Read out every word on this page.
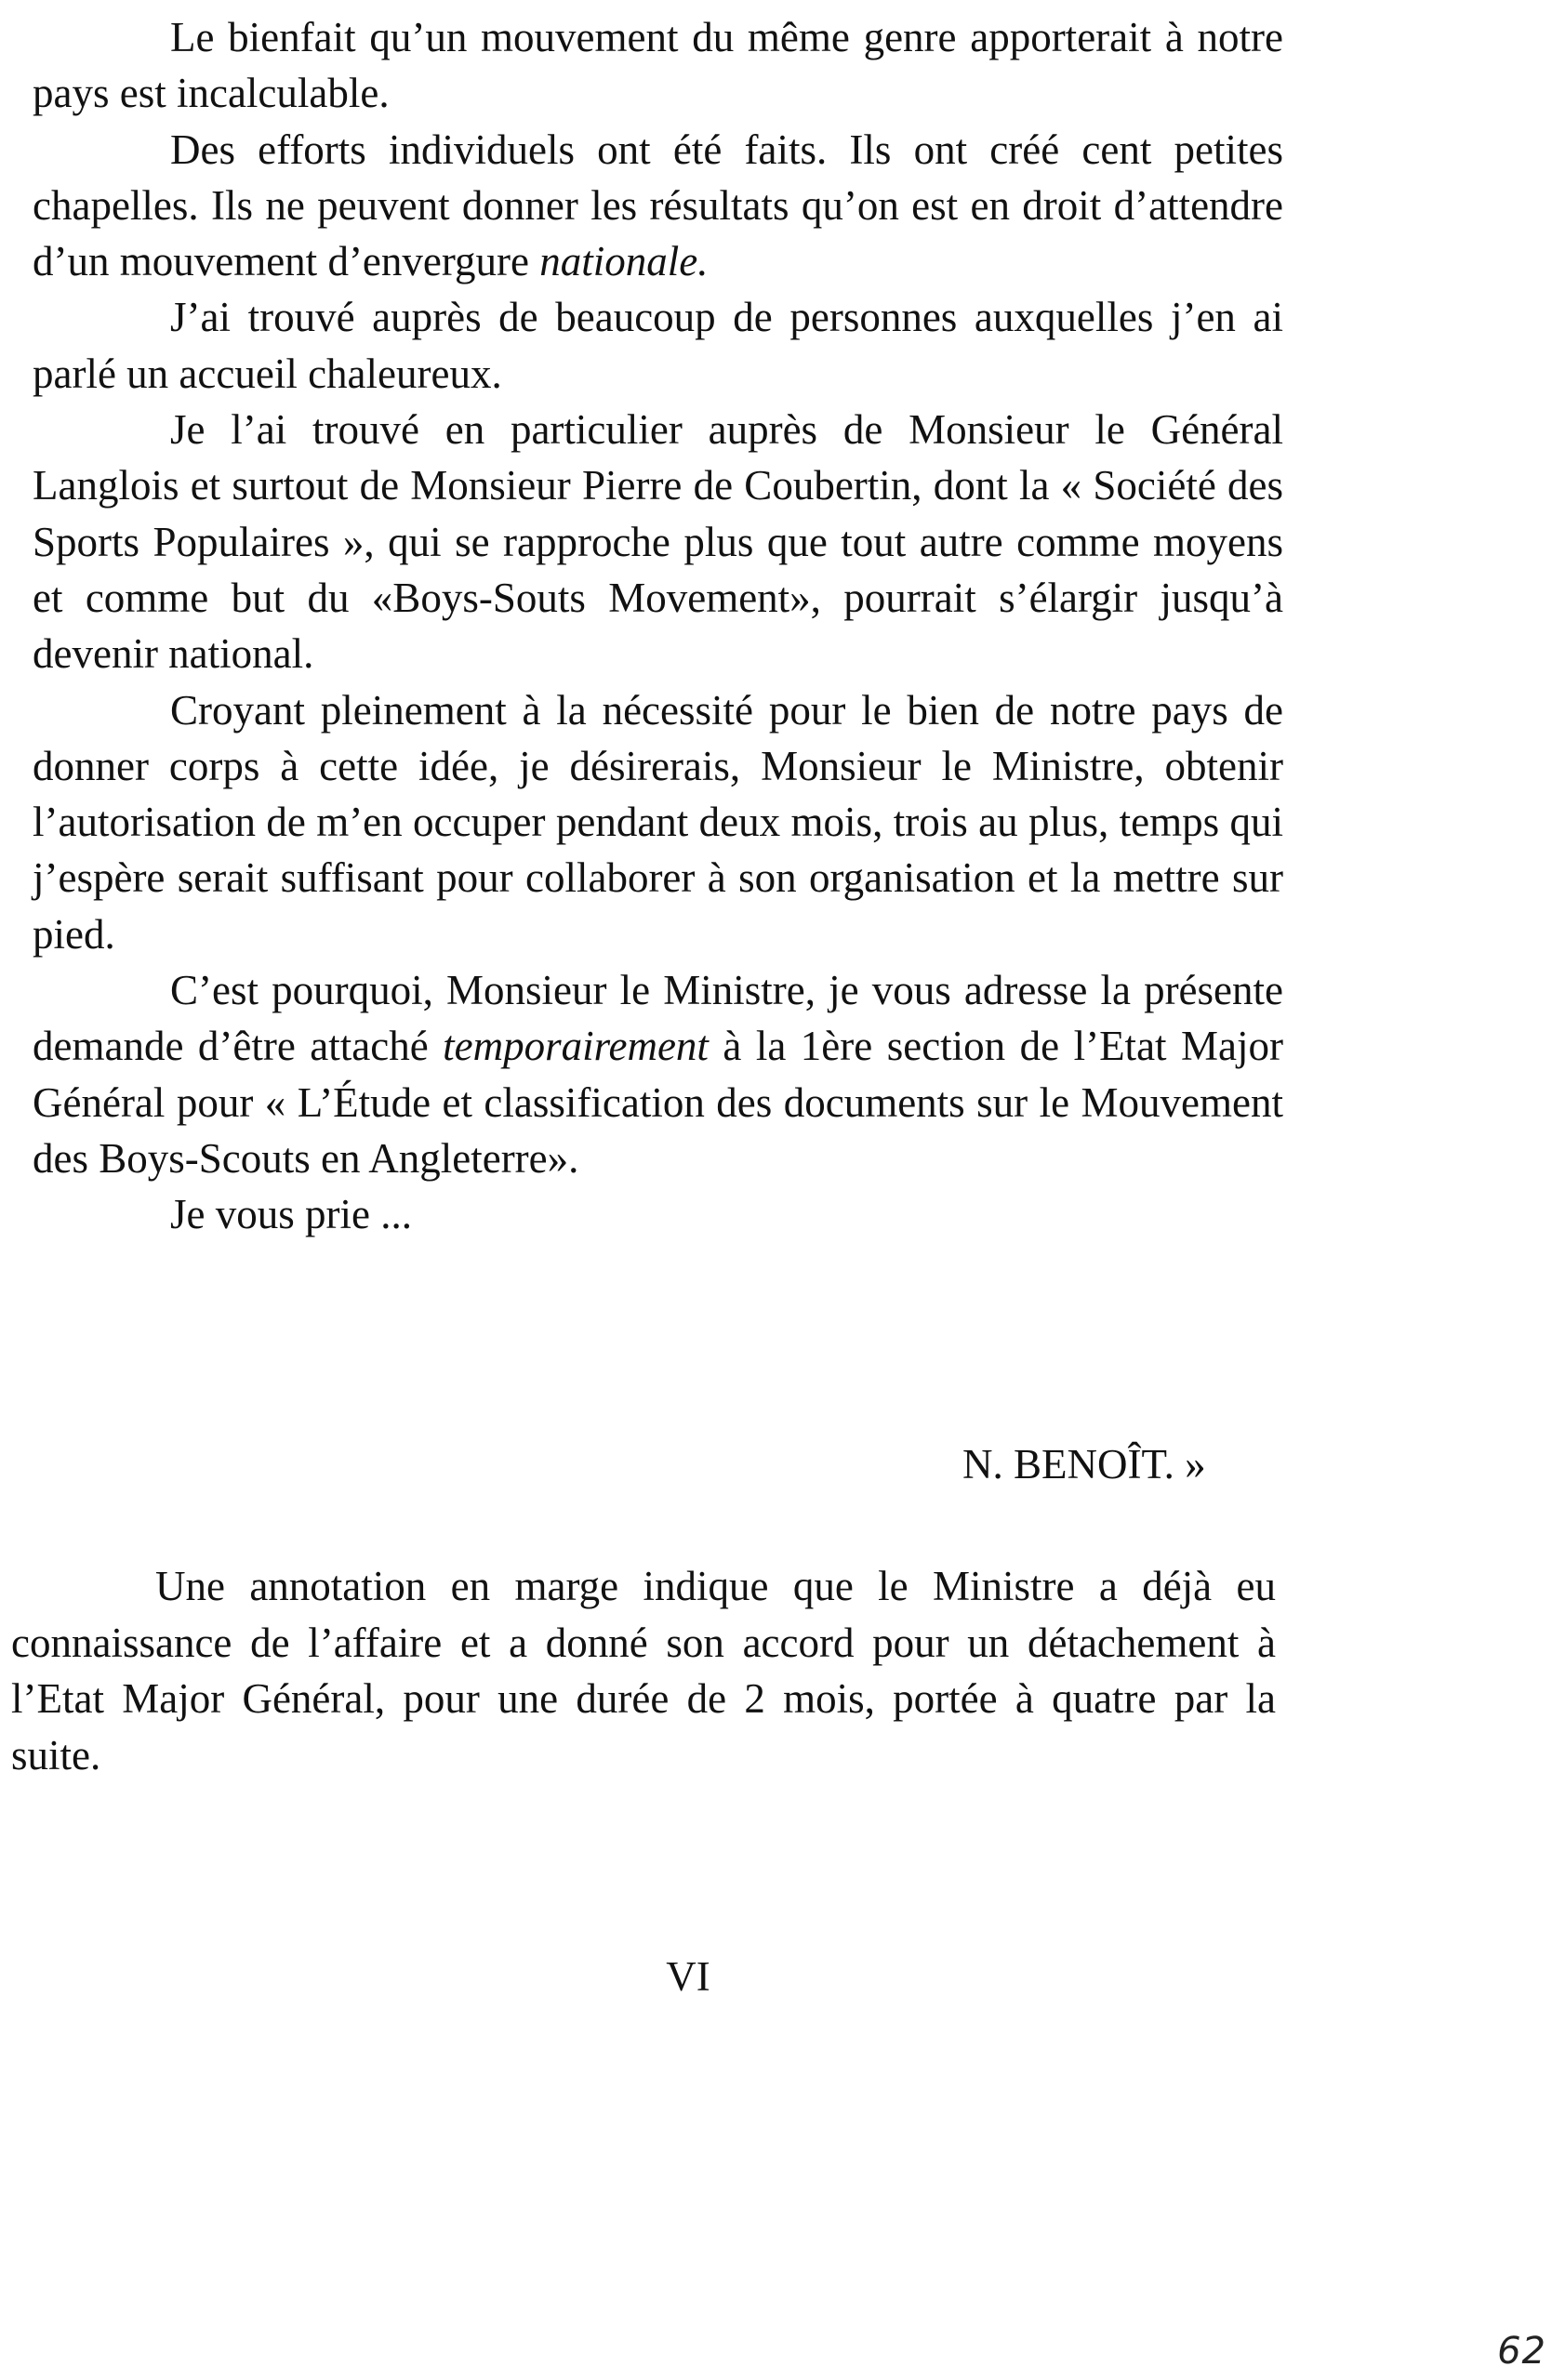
Le bienfait qu’un mouvement du même genre apporterait à notre pays est incalculable.

Des efforts individuels ont été faits. Ils ont créé cent petites chapelles. Ils ne peuvent donner les résultats qu’on est en droit d’attendre d’un mouvement d’envergure nationale.

J’ai trouvé auprès de beaucoup de personnes auxquelles j’en ai parlé un accueil chaleureux.

Je l’ai trouvé en particulier auprès de Monsieur le Général Langlois et surtout de Monsieur Pierre de Coubertin, dont la « Société des Sports Populaires », qui se rapproche plus que tout autre comme moyens et comme but du «Boys-Souts Movement», pourrait s’élargir jusqu’à devenir national.

Croyant pleinement à la nécessité pour le bien de notre pays de donner corps à cette idée, je désirerais, Monsieur le Ministre, obtenir l’autorisation de m’en occuper pendant deux mois, trois au plus, temps qui j’espère serait suffisant pour collaborer à son organisation et la mettre sur pied.

C’est pourquoi, Monsieur le Ministre, je vous adresse la présente demande d’être attaché temporairement à la 1ère section de l’Etat Major Général pour « L’Étude et classification des documents sur le Mouvement des Boys-Scouts en Angleterre».

Je vous prie ...

N. BENOÎT. »

Une annotation en marge indique que le Ministre a déjà eu connaissance de l’affaire et a donné son accord pour un détachement à l’Etat Major Général, pour une durée de 2 mois, portée à quatre par la suite.

VI
62
